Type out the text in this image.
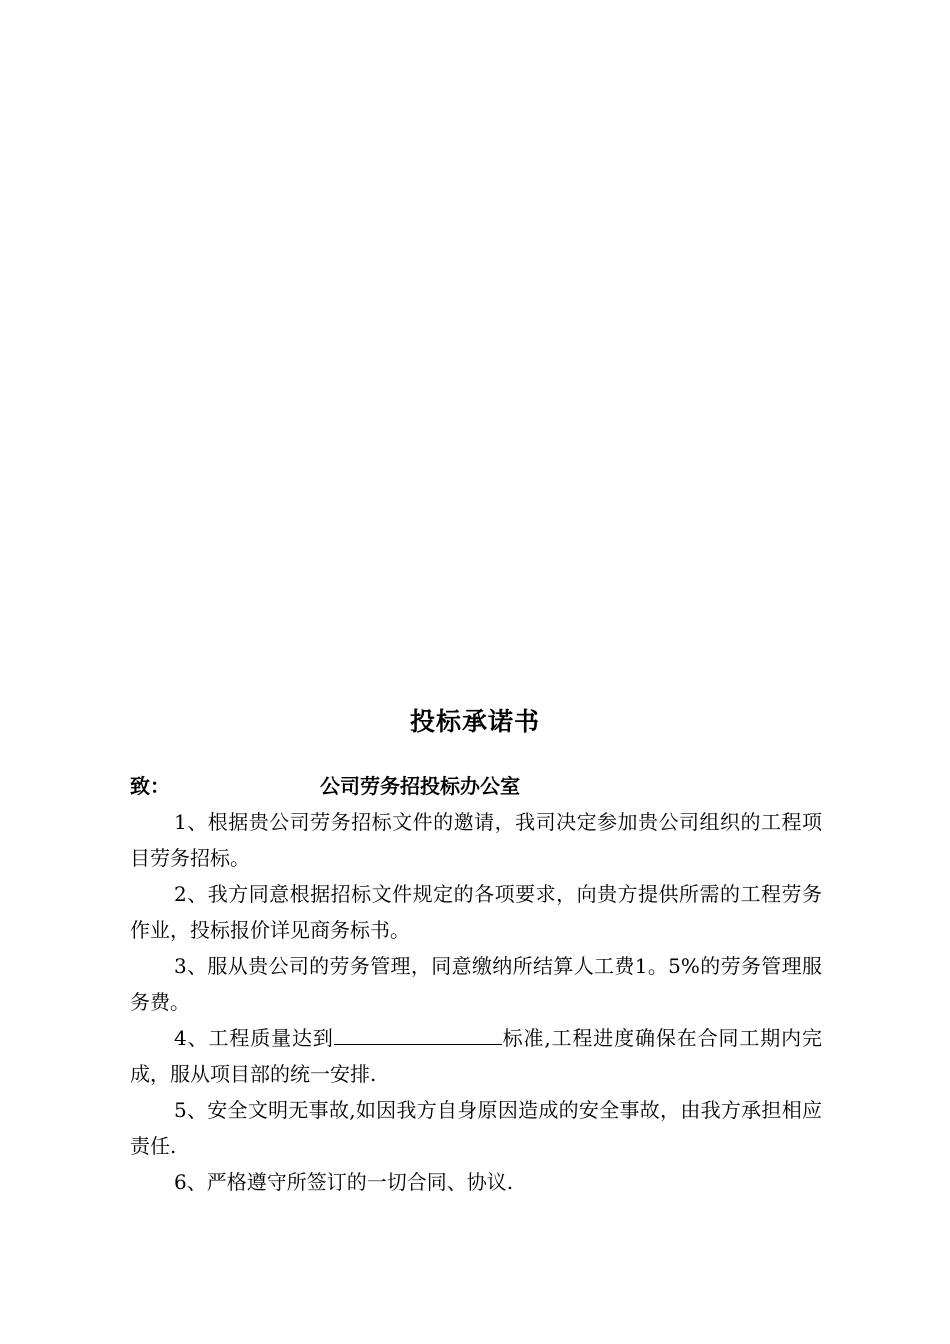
投标承诺书
致：	公司劳务招投标办公室

1、根据贵公司劳务招标文件的邀请，我司决定参加贵公司组织的工程项目劳务招标。

2、我方同意根据招标文件规定的各项要求，向贵方提供所需的工程劳务作业，投标报价详见商务标书。

3、服从贵公司的劳务管理，同意缴纳所结算人工费1。5%的劳务管理服务费。

4、工程质量达到	标准,工程进度确保在合同工期内完成，服从项目部的统一安排.

5、安全文明无事故,如因我方自身原因造成的安全事故，由我方承担相应责任.

6、严格遵守所签订的一切合同、协议.
